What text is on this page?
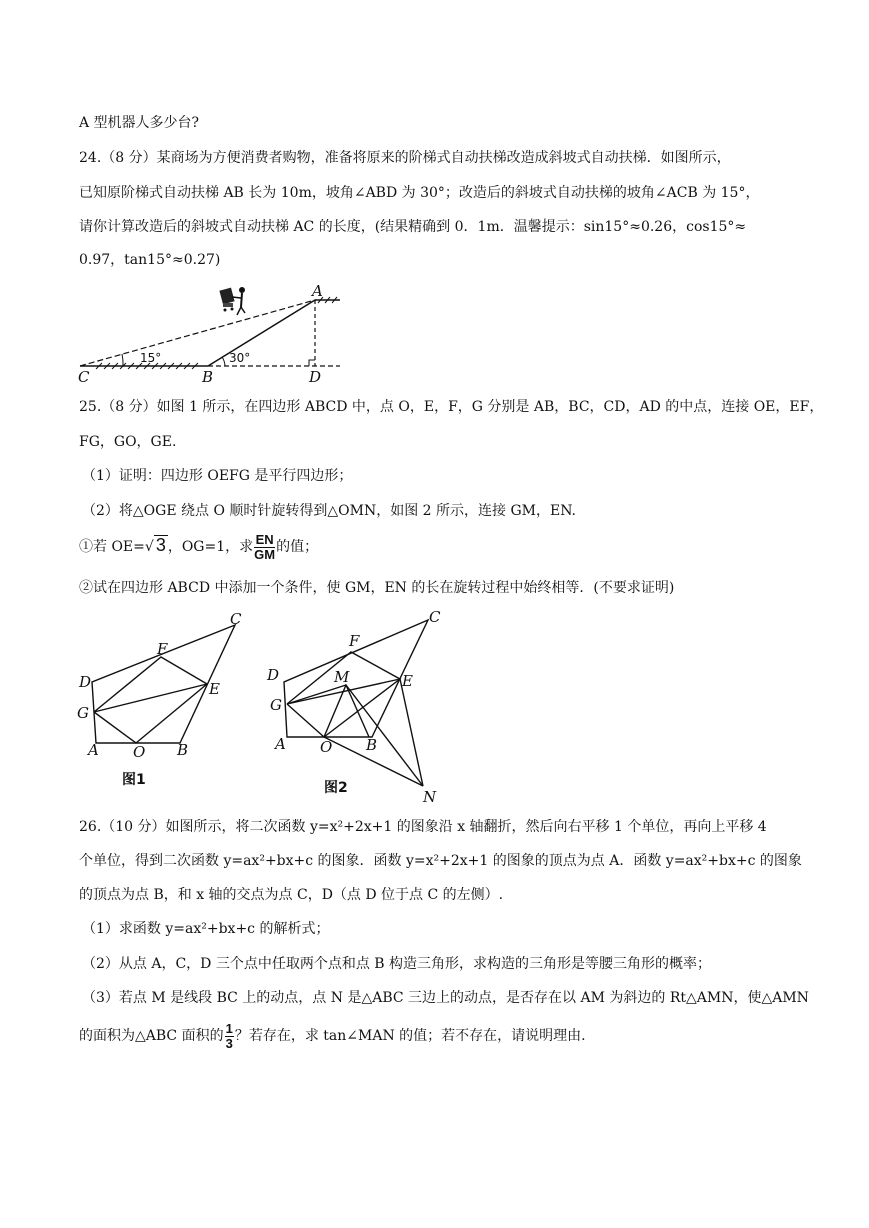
A 型机器人多少台?
24.（8 分）某商场为方便消费者购物，准备将原来的阶梯式自动扶梯改造成斜坡式自动扶梯．如图所示，
已知原阶梯式自动扶梯 AB 长为 10m，坡角∠ABD 为 30°；改造后的斜坡式自动扶梯的坡角∠ACB 为 15°，
请你计算改造后的斜坡式自动扶梯 AC 的长度，(结果精确到 0．1m．温馨提示：sin15°≈0.26，cos15°≈
0.97，tan15°≈0.27)
A
C	B	D
15°	30°
25.（8 分）如图 1 所示，在四边形 ABCD 中，点 O，E，F，G 分别是 AB，BC，CD，AD 的中点，连接 OE，EF，
FG，GO，GE.
（1）证明：四边形 OEFG 是平行四边形；
（2）将△OGE 绕点 O 顺时针旋转得到△OMN，如图 2 所示，连接 GM，EN.
①若 OE=√ 3 ，OG=1，求 $\frac{EN}{GM}$ 的值；
②试在四边形 ABCD 中添加一个条件，使 GM，EN 的长在旋转过程中始终相等．(不要求证明)
C
F
D	E
G
A O B
图1
C
F
D	M	E
G
A O B
N
图2
26.（10 分）如图所示，将二次函数 y=x²+2x+1 的图象沿 x 轴翻折，然后向右平移 1 个单位，再向上平移 4
个单位，得到二次函数 y=ax²+bx+c 的图象．函数 y=x²+2x+1 的图象的顶点为点 A．函数 y=ax²+bx+c 的图象
的顶点为点 B，和 x 轴的交点为点 C，D（点 D 位于点 C 的左侧）.
（1）求函数 y=ax²+bx+c 的解析式；
（2）从点 A，C，D 三个点中任取两个点和点 B 构造三角形，求构造的三角形是等腰三角形的概率；
（3）若点 M 是线段 BC 上的动点，点 N 是△ABC 三边上的动点，是否存在以 AM 为斜边的 Rt△AMN，使△AMN
的面积为△ABC 面积的 $\frac{1}{3}$ ？若存在，求 tan∠MAN 的值；若不存在，请说明理由.
